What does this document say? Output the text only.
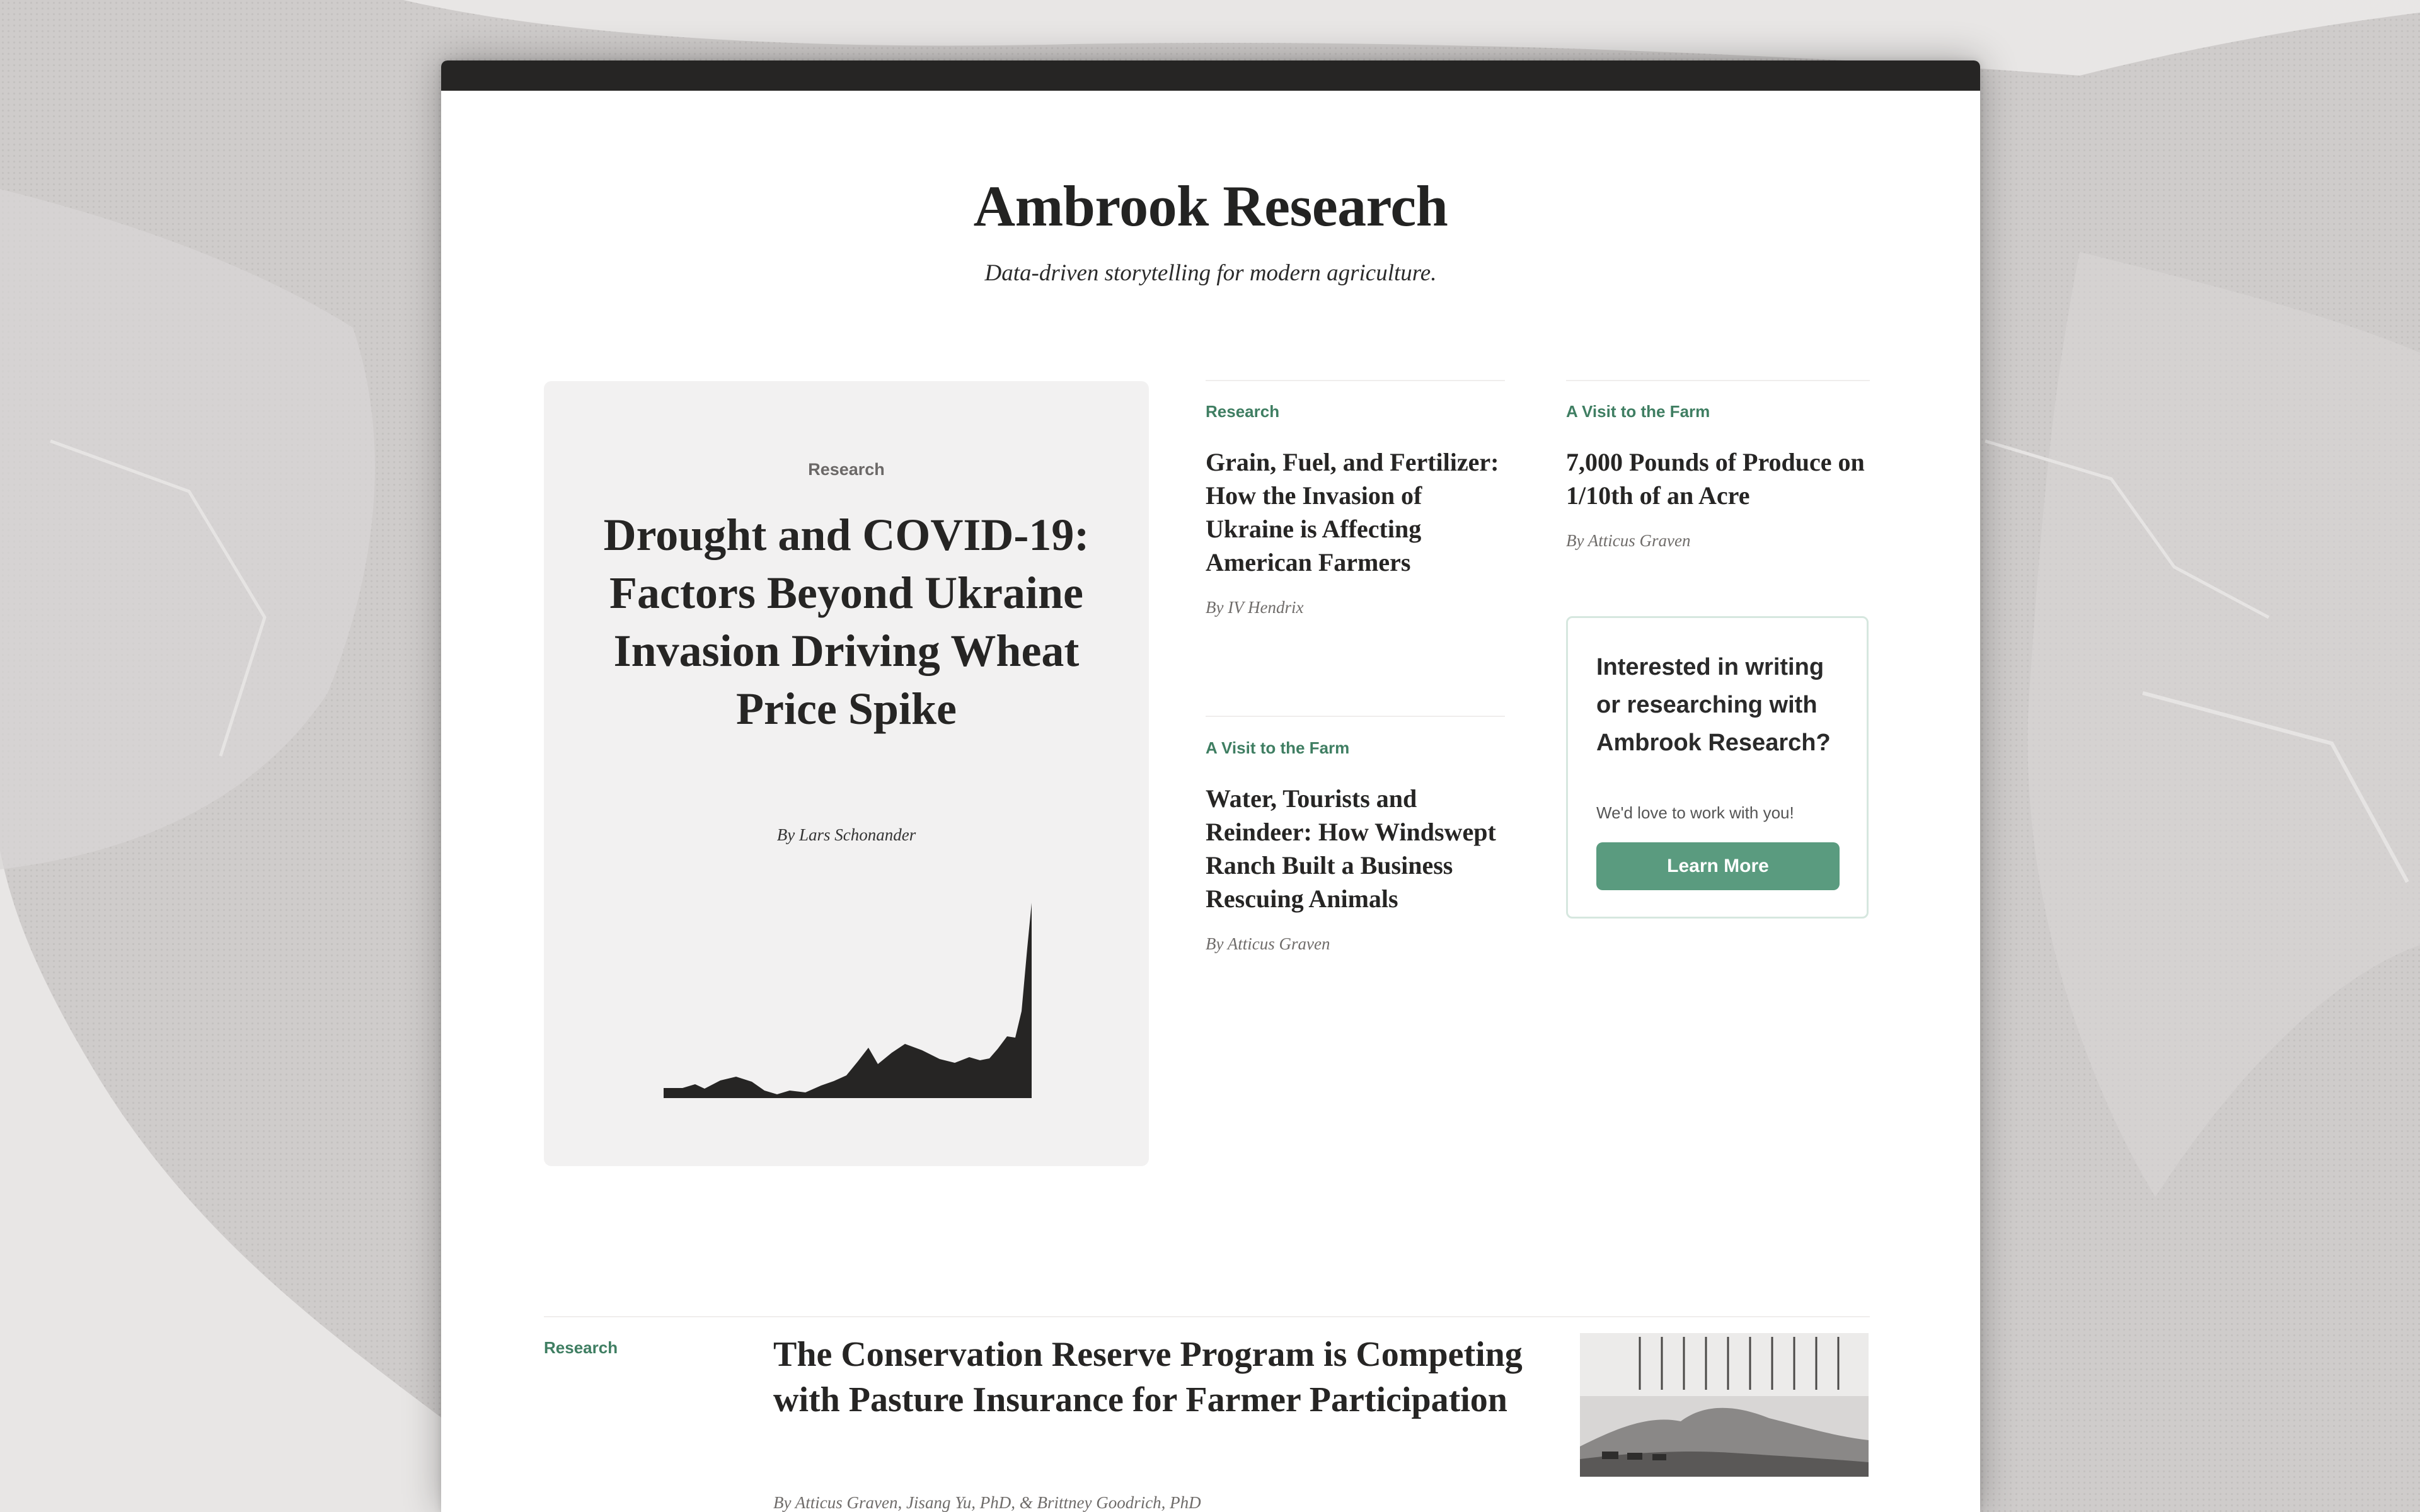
Ambrook Research
Data-driven storytelling for modern agriculture.
Research
Drought and COVID-19: Factors Beyond Ukraine Invasion Driving Wheat Price Spike
By Lars Schonander
Research
Grain, Fuel, and Fertilizer: How the Invasion of Ukraine is Affecting American Farmers
By IV Hendrix
A Visit to the Farm
Water, Tourists and Reindeer: How Windswept Ranch Built a Business Rescuing Animals
By Atticus Graven
A Visit to the Farm
7,000 Pounds of Produce on 1/10th of an Acre
By Atticus Graven
Interested in writing or researching with Ambrook Research?
We'd love to work with you!
Learn More
Research	The Conservation Reserve Program is Competing with Pasture Insurance for Farmer Participation
By Atticus Graven, Jisang Yu, PhD, & Brittney Goodrich, PhD
